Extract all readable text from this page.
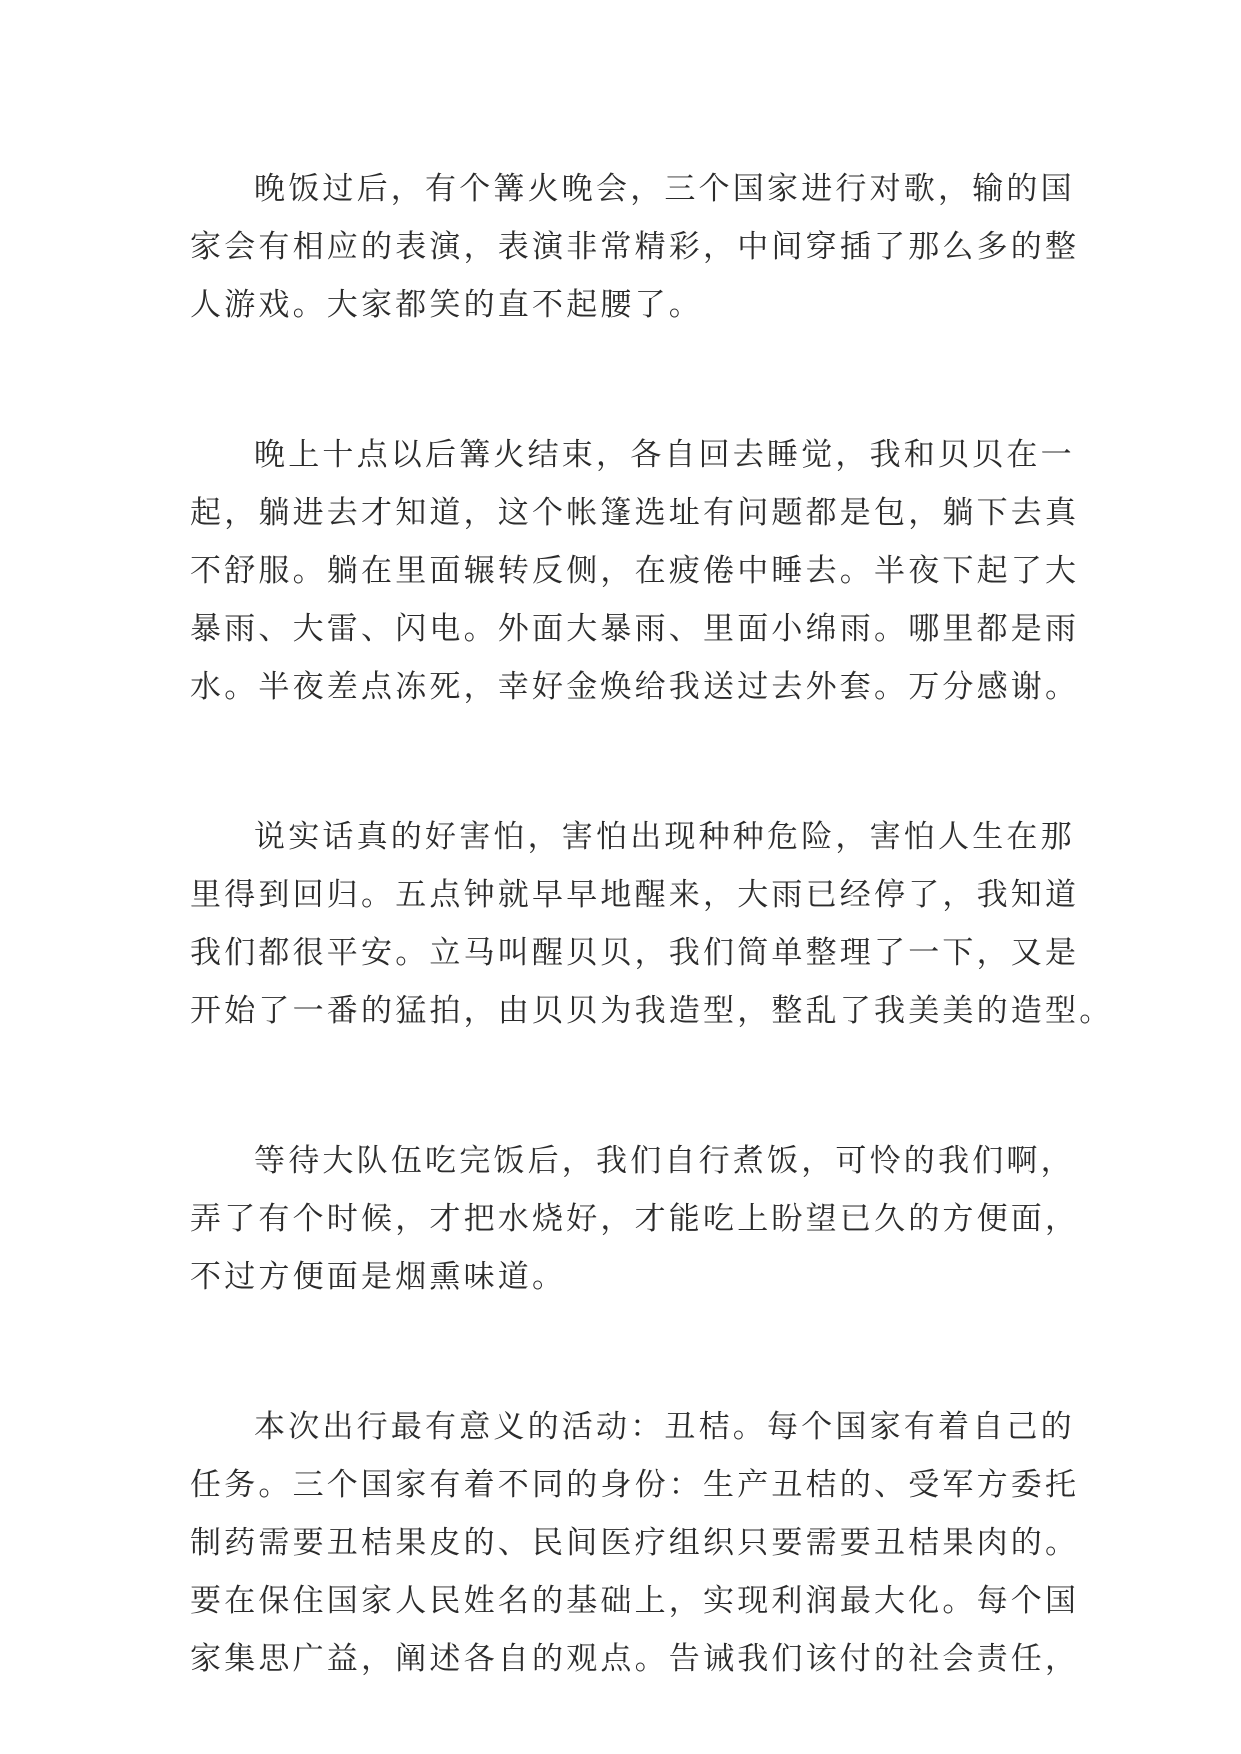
晚饭过后，有个篝火晚会，三个国家进行对歌，输的国
家会有相应的表演，表演非常精彩，中间穿插了那么多的整
人游戏。大家都笑的直不起腰了。
晚上十点以后篝火结束，各自回去睡觉，我和贝贝在一
起，躺进去才知道，这个帐篷选址有问题都是包，躺下去真
不舒服。躺在里面辗转反侧，在疲倦中睡去。半夜下起了大
暴雨、大雷、闪电。外面大暴雨、里面小绵雨。哪里都是雨
水。半夜差点冻死，幸好金焕给我送过去外套。万分感谢。
说实话真的好害怕，害怕出现种种危险，害怕人生在那
里得到回归。五点钟就早早地醒来，大雨已经停了，我知道
我们都很平安。立马叫醒贝贝，我们简单整理了一下，又是
开始了一番的猛拍，由贝贝为我造型，整乱了我美美的造型。
等待大队伍吃完饭后，我们自行煮饭，可怜的我们啊，
弄了有个时候，才把水烧好，才能吃上盼望已久的方便面，
不过方便面是烟熏味道。
本次出行最有意义的活动：丑桔。每个国家有着自己的
任务。三个国家有着不同的身份：生产丑桔的、受军方委托
制药需要丑桔果皮的、民间医疗组织只要需要丑桔果肉的。
要在保住国家人民姓名的基础上，实现利润最大化。每个国
家集思广益，阐述各自的观点。告诫我们该付的社会责任，
